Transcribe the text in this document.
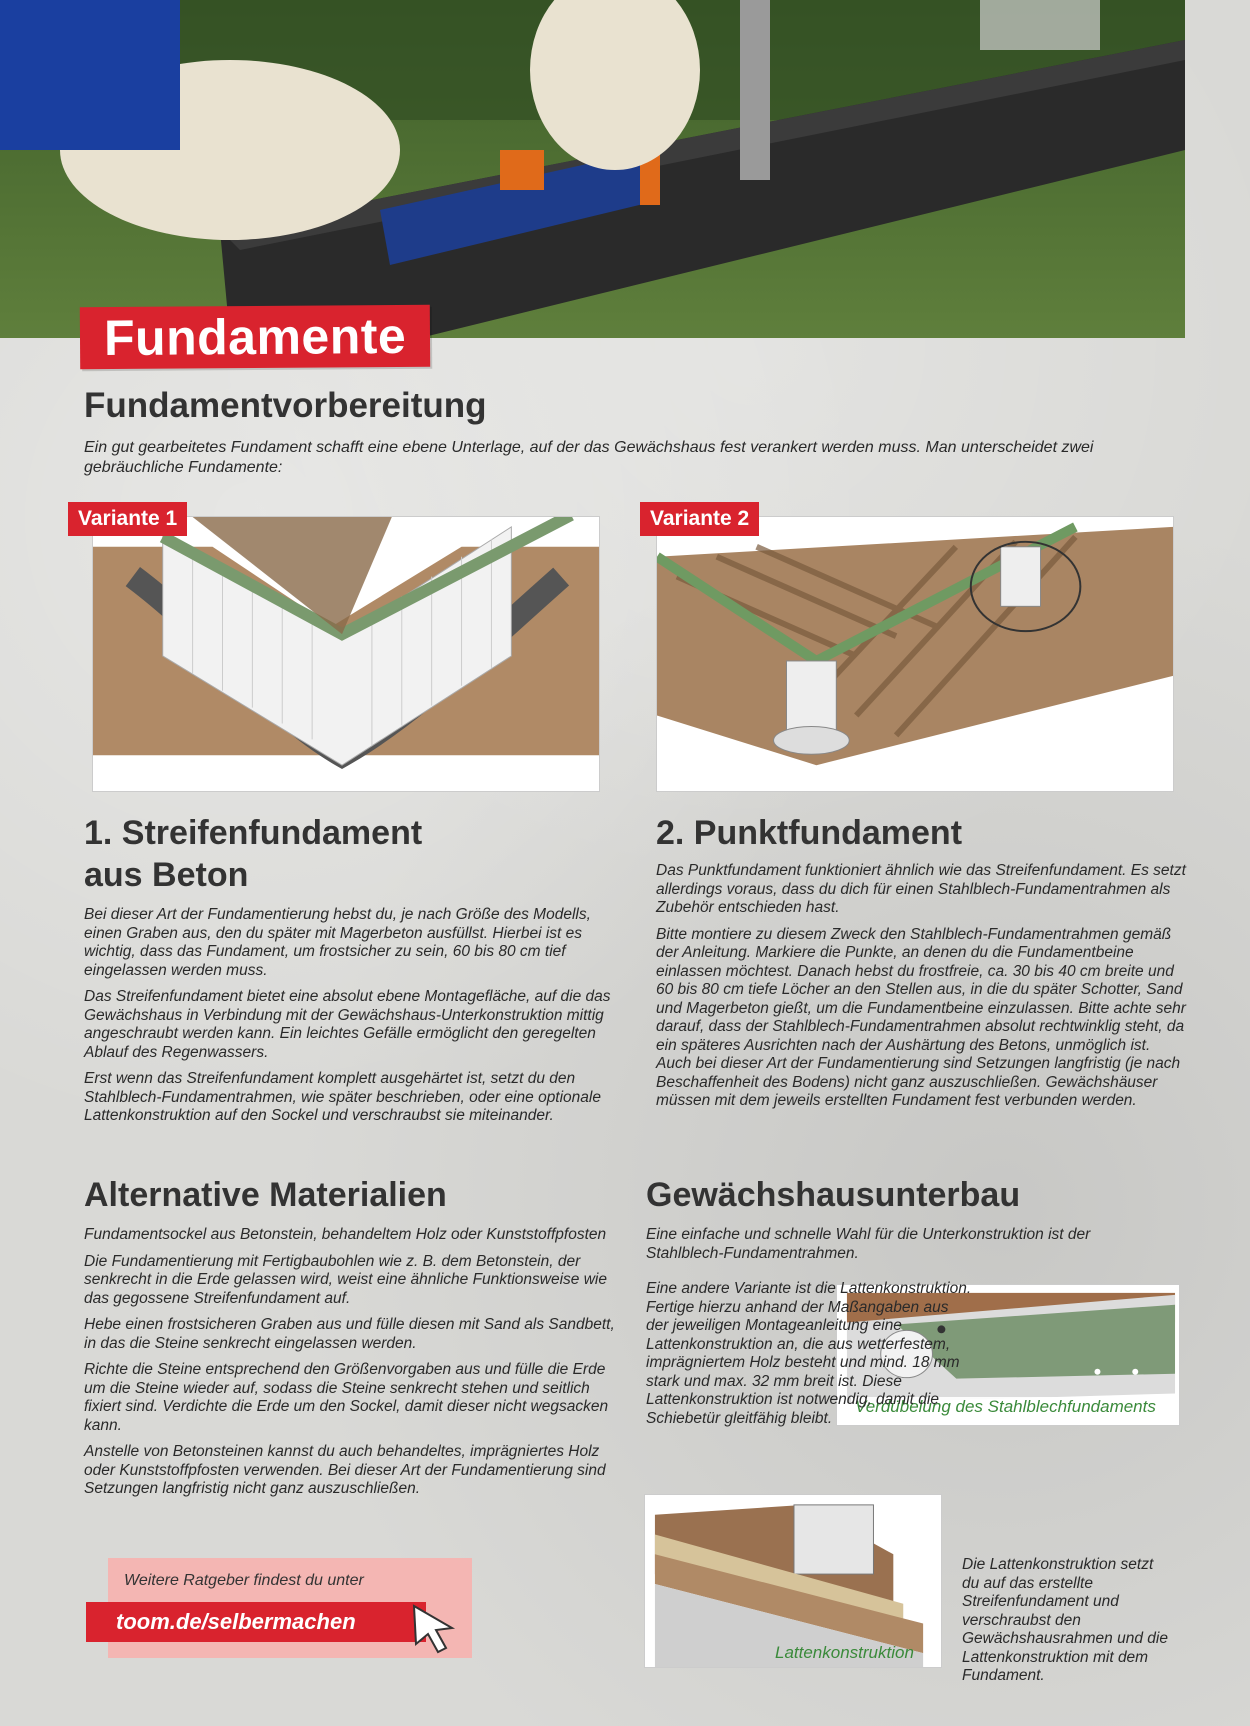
Fundamente
Fundamentvorbereitung
Ein gut gearbeitetes Fundament schafft eine ebene Unterlage, auf der das Gewächshaus fest verankert werden muss. Man unterscheidet zwei gebräuchliche Fundamente:
Variante 1	Variante 2
1. Streifenfundament
aus Beton

Bei dieser Art der Fundamentierung hebst du, je nach Größe des Modells, einen Graben aus, den du später mit Magerbeton ausfüllst. Hierbei ist es wichtig, dass das Fundament, um frostsicher zu sein, 60 bis 80 cm tief eingelassen werden muss.

Das Streifenfundament bietet eine absolut ebene Montagefläche, auf die das Gewächshaus in Verbindung mit der Gewächshaus-Unterkonstruktion mittig angeschraubt werden kann. Ein leichtes Gefälle ermöglicht den geregelten Ablauf des Regenwassers.

Erst wenn das Streifenfundament komplett ausgehärtet ist, setzt du den Stahlblech-Fundamentrahmen, wie später beschrieben, oder eine optionale Lattenkonstruktion auf den Sockel und verschraubst sie miteinander.

2. Punktfundament

Das Punktfundament funktioniert ähnlich wie das Streifenfundament. Es setzt allerdings voraus, dass du dich für einen Stahlblech-Fundamentrahmen als Zubehör entschieden hast.

Bitte montiere zu diesem Zweck den Stahlblech-Fundamentrahmen gemäß der Anleitung. Markiere die Punkte, an denen du die Fundamentbeine einlassen möchtest. Danach hebst du frostfreie, ca. 30 bis 40 cm breite und 60 bis 80 cm tiefe Löcher an den Stellen aus, in die du später Schotter, Sand und Magerbeton gießt, um die Fundamentbeine einzulassen. Bitte achte sehr darauf, dass der Stahlblech-Fundamentrahmen absolut rechtwinklig steht, da ein späteres Ausrichten nach der Aushärtung des Betons, unmöglich ist. Auch bei dieser Art der Fundamentierung sind Setzungen langfristig (je nach Beschaffenheit des Bodens) nicht ganz auszuschließen. Gewächshäuser müssen mit dem jeweils erstellten Fundament fest verbunden werden.

Alternative Materialien

Fundamentsockel aus Betonstein, behandeltem Holz oder Kunststoffpfosten

Die Fundamentierung mit Fertigbaubohlen wie z. B. dem Betonstein, der senkrecht in die Erde gelassen wird, weist eine ähnliche Funktionsweise wie das gegossene Streifenfundament auf.

Hebe einen frostsicheren Graben aus und fülle diesen mit Sand als Sandbett, in das die Steine senkrecht eingelassen werden.

Richte die Steine entsprechend den Größenvorgaben aus und fülle die Erde um die Steine wieder auf, sodass die Steine senkrecht stehen und seitlich fixiert sind. Verdichte die Erde um den Sockel, damit dieser nicht wegsacken kann.

Anstelle von Betonsteinen kannst du auch behandeltes, imprägniertes Holz oder Kunststoffpfosten verwenden. Bei dieser Art der Fundamentierung sind Setzungen langfristig nicht ganz auszuschließen.

Gewächshausunterbau
Eine einfache und schnelle Wahl für die Unterkonstruktion ist der Stahlblech-Fundamentrahmen.
Verdübelung des Stahlblechfundaments
Eine andere Variante ist die Lattenkonstruktion. Fertige hierzu anhand der Maßangaben aus der jeweiligen Montageanleitung eine Lattenkonstruktion an, die aus wetterfestem, imprägniertem Holz besteht und mind. 18 mm stark und max. 32 mm breit ist. Diese Lattenkonstruktion ist notwendig, damit die Schiebetür gleitfähig bleibt.
Lattenkonstruktion
Die Lattenkonstruktion setzt du auf das erstellte Streifenfundament und verschraubst den Gewächshausrahmen und die Lattenkonstruktion mit dem Fundament.
Weitere Ratgeber findest du unter
toom.de/selbermachen
